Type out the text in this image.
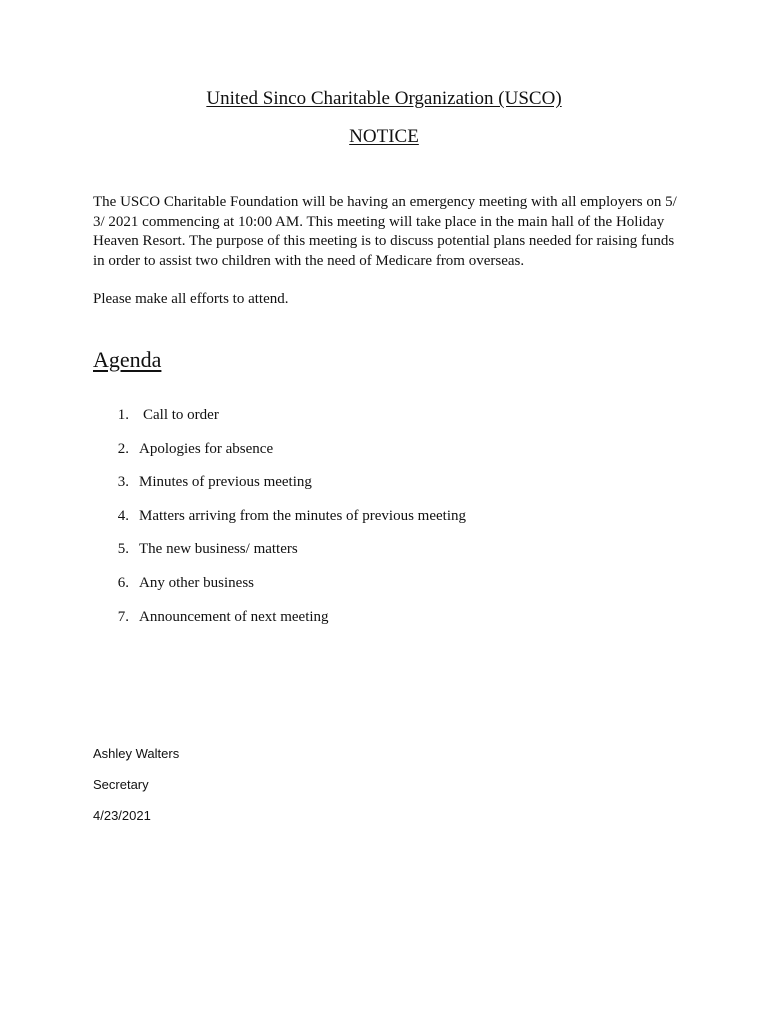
United Sinco Charitable Organization (USCO)
NOTICE

The USCO Charitable Foundation will be having an emergency meeting with all employers on 5/ 3/ 2021 commencing at 10:00 AM. This meeting will take place in the main hall of the Holiday Heaven Resort. The purpose of this meeting is to discuss potential plans needed for raising funds in order to assist two children with the need of Medicare from overseas.

Please make all efforts to attend.

Agenda
1. Call to order
2. Apologies for absence
3. Minutes of previous meeting
4. Matters arriving from the minutes of previous meeting
5. The new business/ matters
6. Any other business
7. Announcement of next meeting
Ashley Walters
Secretary
4/23/2021
